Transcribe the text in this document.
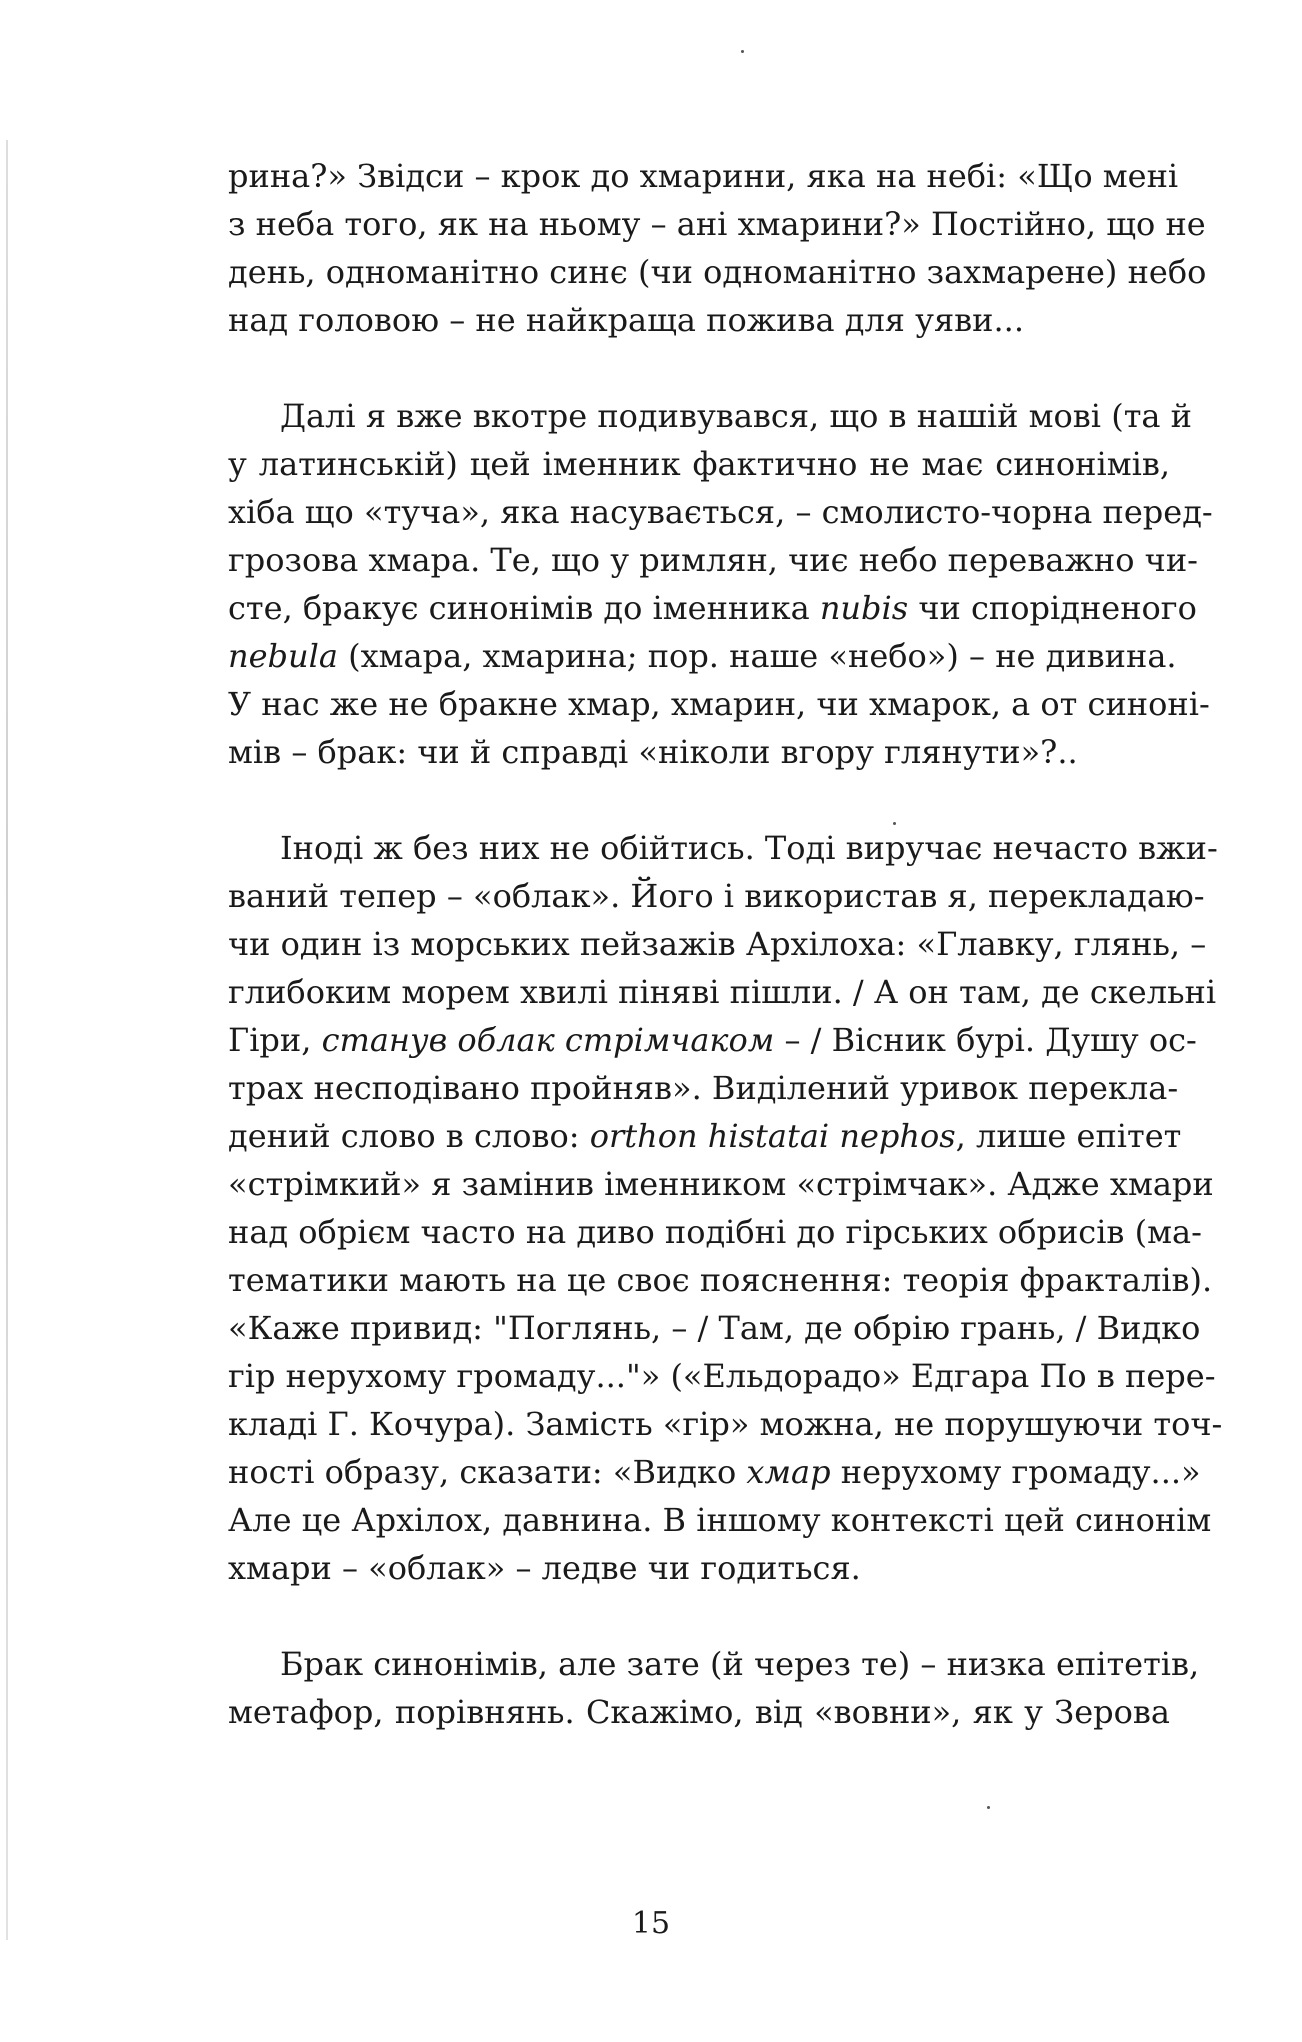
рина?» Звідси – крок до хмарини, яка на небі: «Що мені
з неба того, як на ньому – ані хмарини?» Постійно, що не
день, одноманітно синє (чи одноманітно захмарене) небо
над головою – не найкраща пожива для уяви...
Далі я вже вкотре подивувався, що в нашій мові (та й
у латинській) цей іменник фактично не має синонімів,
хіба що «туча», яка насувається, – смолисто-чорна перед-
грозова хмара. Те, що у римлян, чиє небо переважно чи-
сте, бракує синонімів до іменника nubis чи спорідненого
nebula (хмара, хмарина; пор. наше «небо») – не дивина.
У нас же не бракне хмар, хмарин, чи хмарок, а от синоні-
мів – брак: чи й справді «ніколи вгору глянути»?..
Іноді ж без них не обійтись. Тоді виручає нечасто вжи-
ваний тепер – «облак». Його і використав я, перекладаю-
чи один із морських пейзажів Архілоха: «Главку, глянь, –
глибоким морем хвилі піняві пішли. / А он там, де скельні
Гіри, станув облак стрімчаком – / Вісник бурі. Душу ос-
трах несподівано пройняв». Виділений уривок перекла-
дений слово в слово: orthon histatai nephos, лише епітет
«стрімкий» я замінив іменником «стрімчак». Адже хмари
над обрієм часто на диво подібні до гірських обрисів (ма-
тематики мають на це своє пояснення: теорія фракталів).
«Каже привид: "Поглянь, – / Там, де обрію грань, / Видко
гір нерухому громаду..."» («Ельдорадо» Едгара По в пере-
кладі Г. Кочура). Замість «гір» можна, не порушуючи точ-
ності образу, сказати: «Видко хмар нерухому громаду...»
Але це Архілох, давнина. В іншому контексті цей синонім
хмари – «облак» – ледве чи годиться.
Брак синонімів, але зате (й через те) – низка епітетів,
метафор, порівнянь. Скажімо, від «вовни», як у Зерова
15
